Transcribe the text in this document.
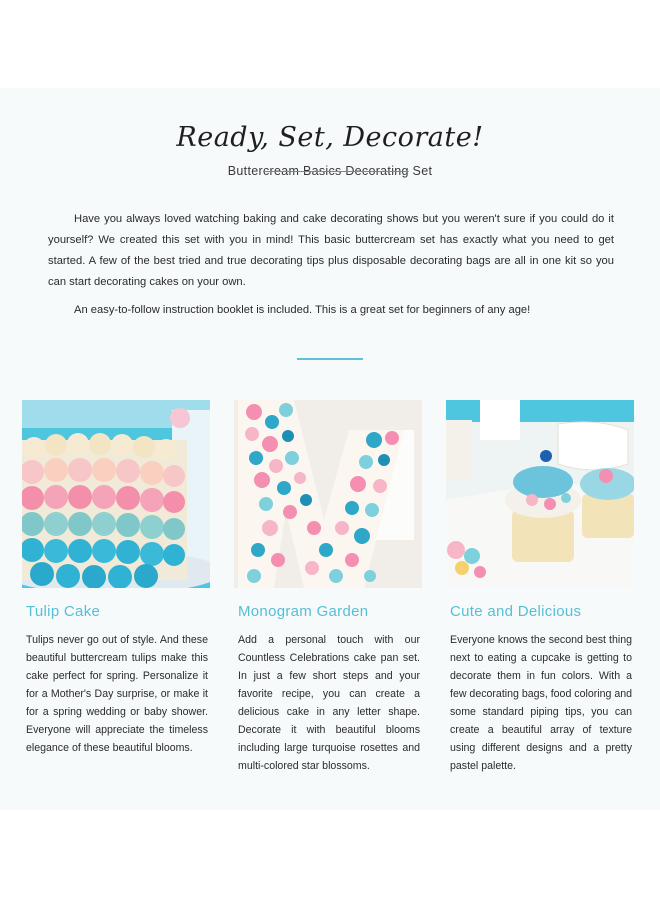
Ready, Set, Decorate!
Buttercream Basics Decorating Set

Have you always loved watching baking and cake decorating shows but you weren't sure if you could do it yourself? We created this set with you in mind! This basic buttercream set has exactly what you need to get started. A few of the best tried and true decorating tips plus disposable decorating bags are all in one kit so you can start decorating cakes on your own.

An easy-to-follow instruction booklet is included. This is a great set for beginners of any age!

Tulip Cake

Tulips never go out of style. And these beautiful buttercream tulips make this cake perfect for spring. Personalize it for a Mother's Day surprise, or make it for a spring wedding or baby shower. Everyone will appreciate the timeless elegance of these beautiful blooms.

Monogram Garden

Add a personal touch with our Countless Celebrations cake pan set. In just a few short steps and your favorite recipe, you can create a delicious cake in any letter shape. Decorate it with beautiful blooms including large turquoise rosettes and multi-colored star blossoms.

Cute and Delicious

Everyone knows the second best thing next to eating a cupcake is getting to decorate them in fun colors. With a few decorating bags, food coloring and some standard piping tips, you can create a beautiful array of texture using different designs and a pretty pastel palette.
